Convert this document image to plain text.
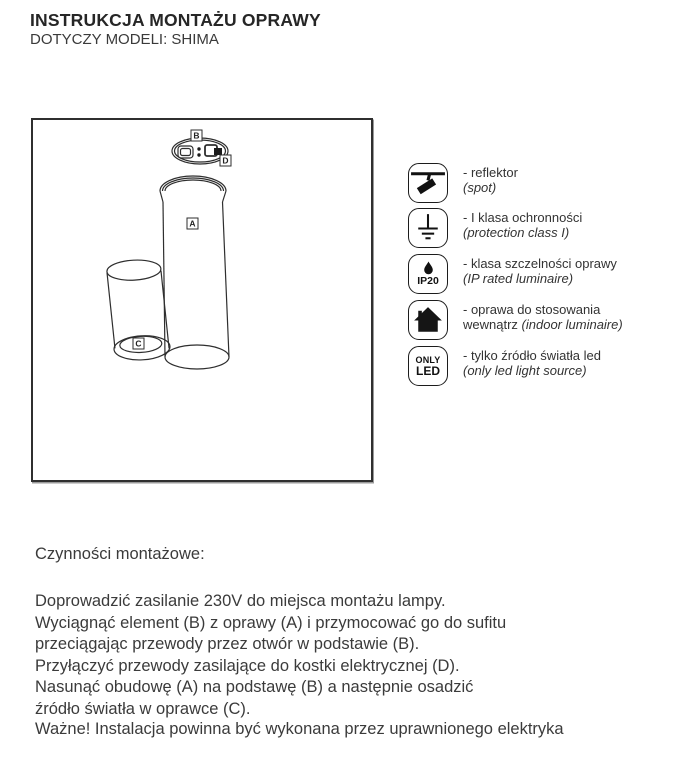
INSTRUKCJA MONTAŻU OPRAWY
DOTYCZY MODELI: SHIMA
B
D
A
C
- reflektor
(spot)
- I klasa ochronności
(protection class I)
IP20
- klasa szczelności oprawy
(IP rated luminaire)
- oprawa do stosowania
wewnątrz (indoor luminaire)
ONLY
LED
- tylko źródło światła led
(only led light source)
Czynności montażowe:
Doprowadzić zasilanie 230V do miejsca montażu lampy.
Wyciągnąć element (B) z oprawy (A) i przymocować go do sufitu
przeciągając przewody przez otwór w podstawie (B).
Przyłączyć przewody zasilające do kostki elektrycznej (D).
Nasunąć obudowę (A) na podstawę (B) a następnie osadzić
źródło światła w oprawce (C).
Ważne! Instalacja powinna być wykonana przez uprawnionego elektryka
